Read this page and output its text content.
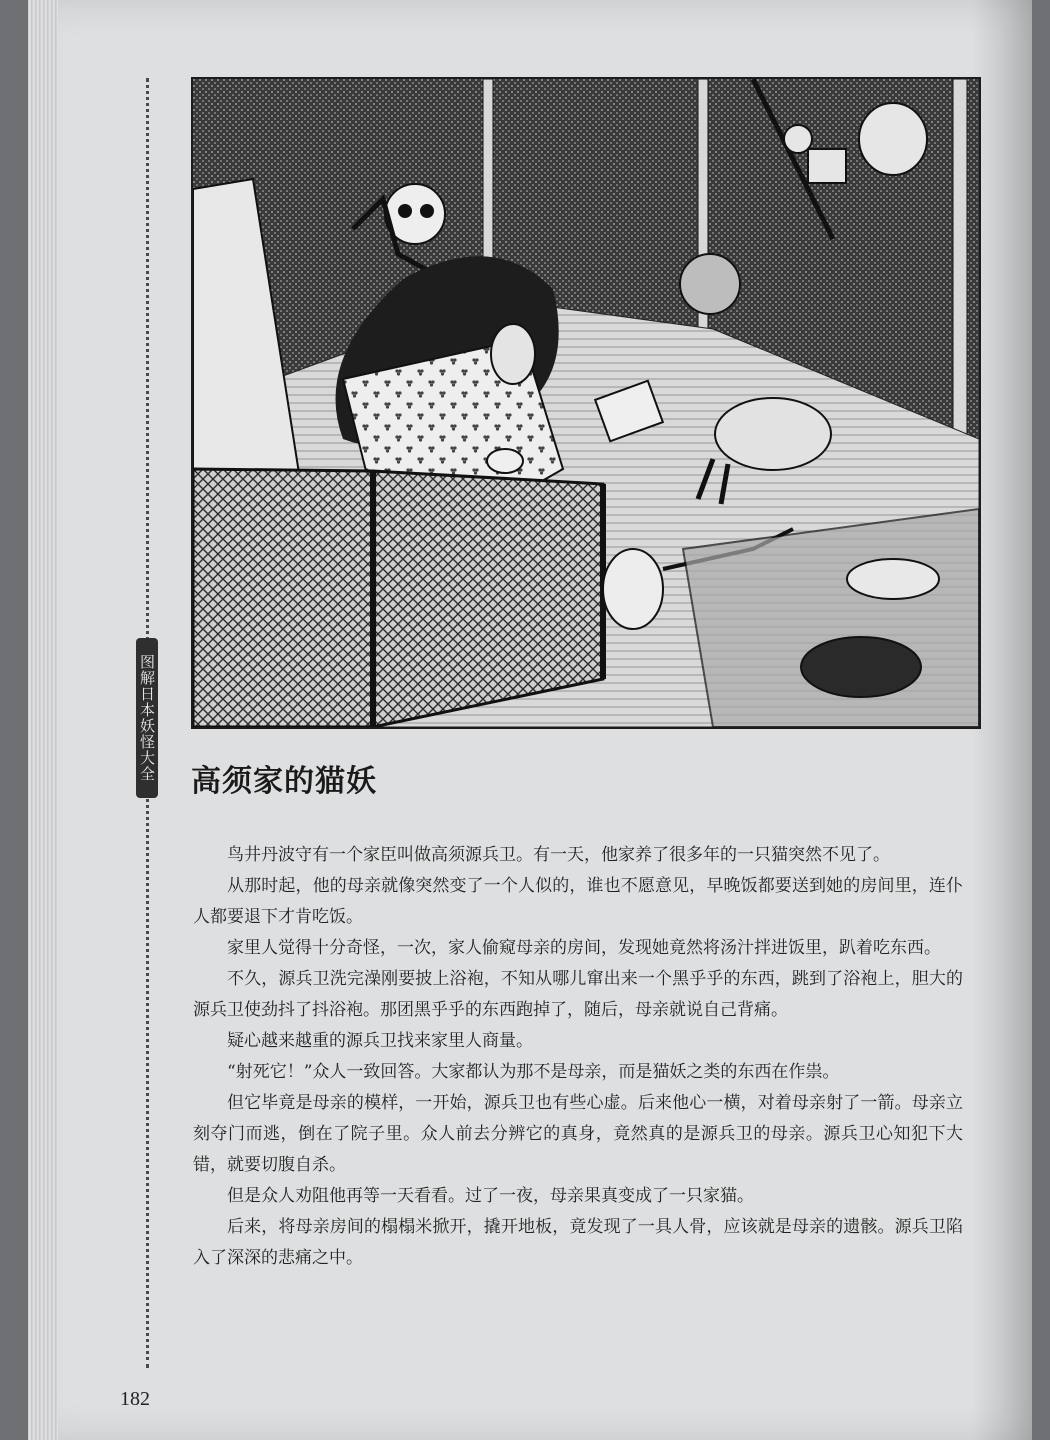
图解日本妖怪大全 高须家的猫妖

鸟井丹波守有一个家臣叫做高须源兵卫。有一天，他家养了很多年的一只猫突然不见了。

从那时起，他的母亲就像突然变了一个人似的，谁也不愿意见，早晚饭都要送到她的房间里，连仆人都要退下才肯吃饭。

家里人觉得十分奇怪，一次，家人偷窥母亲的房间，发现她竟然将汤汁拌进饭里，趴着吃东西。

不久，源兵卫洗完澡刚要披上浴袍，不知从哪儿窜出来一个黑乎乎的东西，跳到了浴袍上，胆大的源兵卫使劲抖了抖浴袍。那团黑乎乎的东西跑掉了，随后，母亲就说自己背痛。

疑心越来越重的源兵卫找来家里人商量。

“射死它！”众人一致回答。大家都认为那不是母亲，而是猫妖之类的东西在作祟。

但它毕竟是母亲的模样，一开始，源兵卫也有些心虚。后来他心一横，对着母亲射了一箭。母亲立刻夺门而逃，倒在了院子里。众人前去分辨它的真身，竟然真的是源兵卫的母亲。源兵卫心知犯下大错，就要切腹自杀。

但是众人劝阻他再等一天看看。过了一夜，母亲果真变成了一只家猫。

后来，将母亲房间的榻榻米掀开，撬开地板，竟发现了一具人骨，应该就是母亲的遗骸。源兵卫陷入了深深的悲痛之中。

182
